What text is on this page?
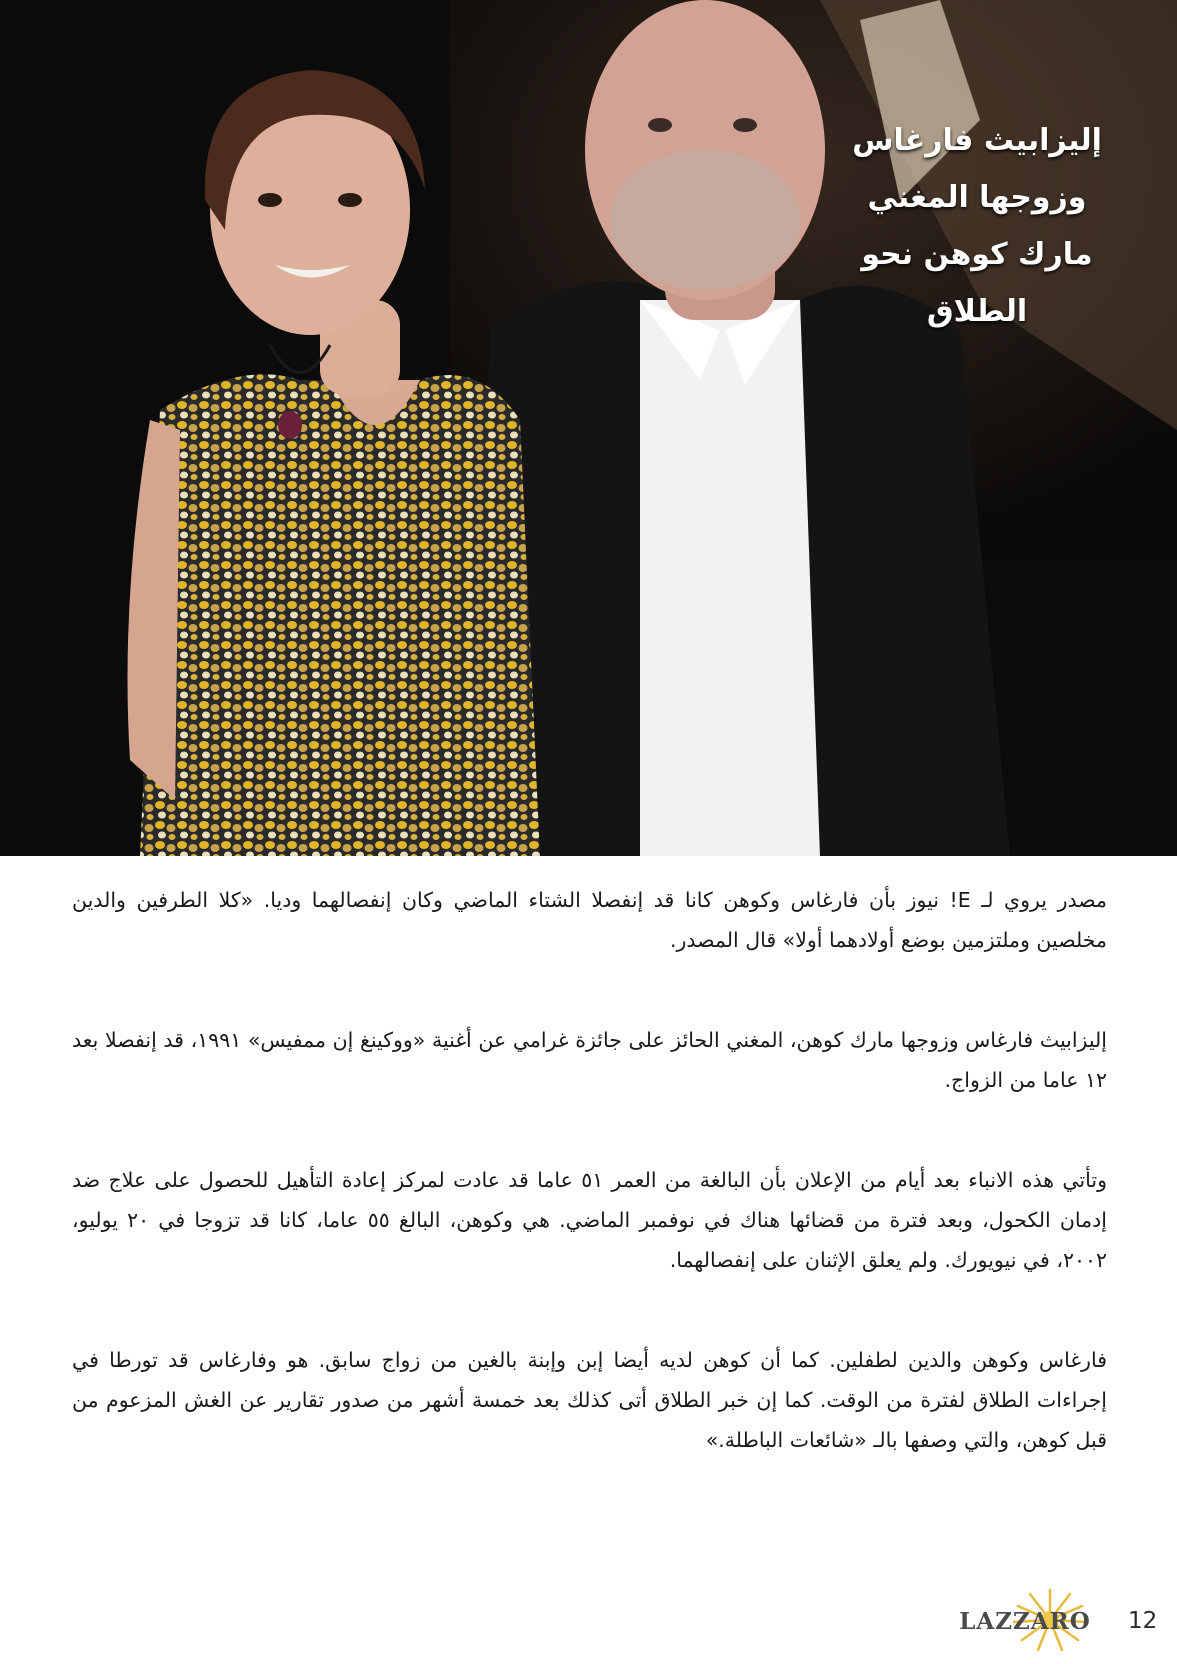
إليزابيث فارغاس
وزوجها المغني
مارك كوهن نحو
الطلاق

مصدر يروي لـ E! نيوز بأن فارغاس وكوهن كانا قد إنفصلا الشتاء الماضي وكان إنفصالهما وديا. «كلا الطرفين والدين مخلصين وملتزمين بوضع أولادهما أولا» قال المصدر.

إليزابيث فارغاس وزوجها مارك كوهن، المغني الحائز على جائزة غرامي عن أغنية «ووكينغ إن ممفيس» ١٩٩١، قد إنفصلا بعد ١٢ عاما من الزواج.

وتأتي هذه الانباء بعد أيام من الإعلان بأن البالغة من العمر ٥١ عاما قد عادت لمركز إعادة التأهيل للحصول على علاج ضد إدمان الكحول، وبعد فترة من قضائها هناك في نوفمبر الماضي. هي وكوهن، البالغ ٥٥ عاما، كانا قد تزوجا في ٢٠ يوليو، ٢٠٠٢، في نيويورك. ولم يعلق الإثنان على إنفصالهما.

فارغاس وكوهن والدين لطفلين. كما أن كوهن لديه أيضا إبن وإبنة بالغين من زواج سابق. هو وفارغاس قد تورطا في إجراءات الطلاق لفترة من الوقت. كما إن خبر الطلاق أتى كذلك بعد خمسة أشهر من صدور تقارير عن الغش المزعوم من قبل كوهن، والتي وصفها بالـ «شائعات الباطلة.»

LAZZARO	12
